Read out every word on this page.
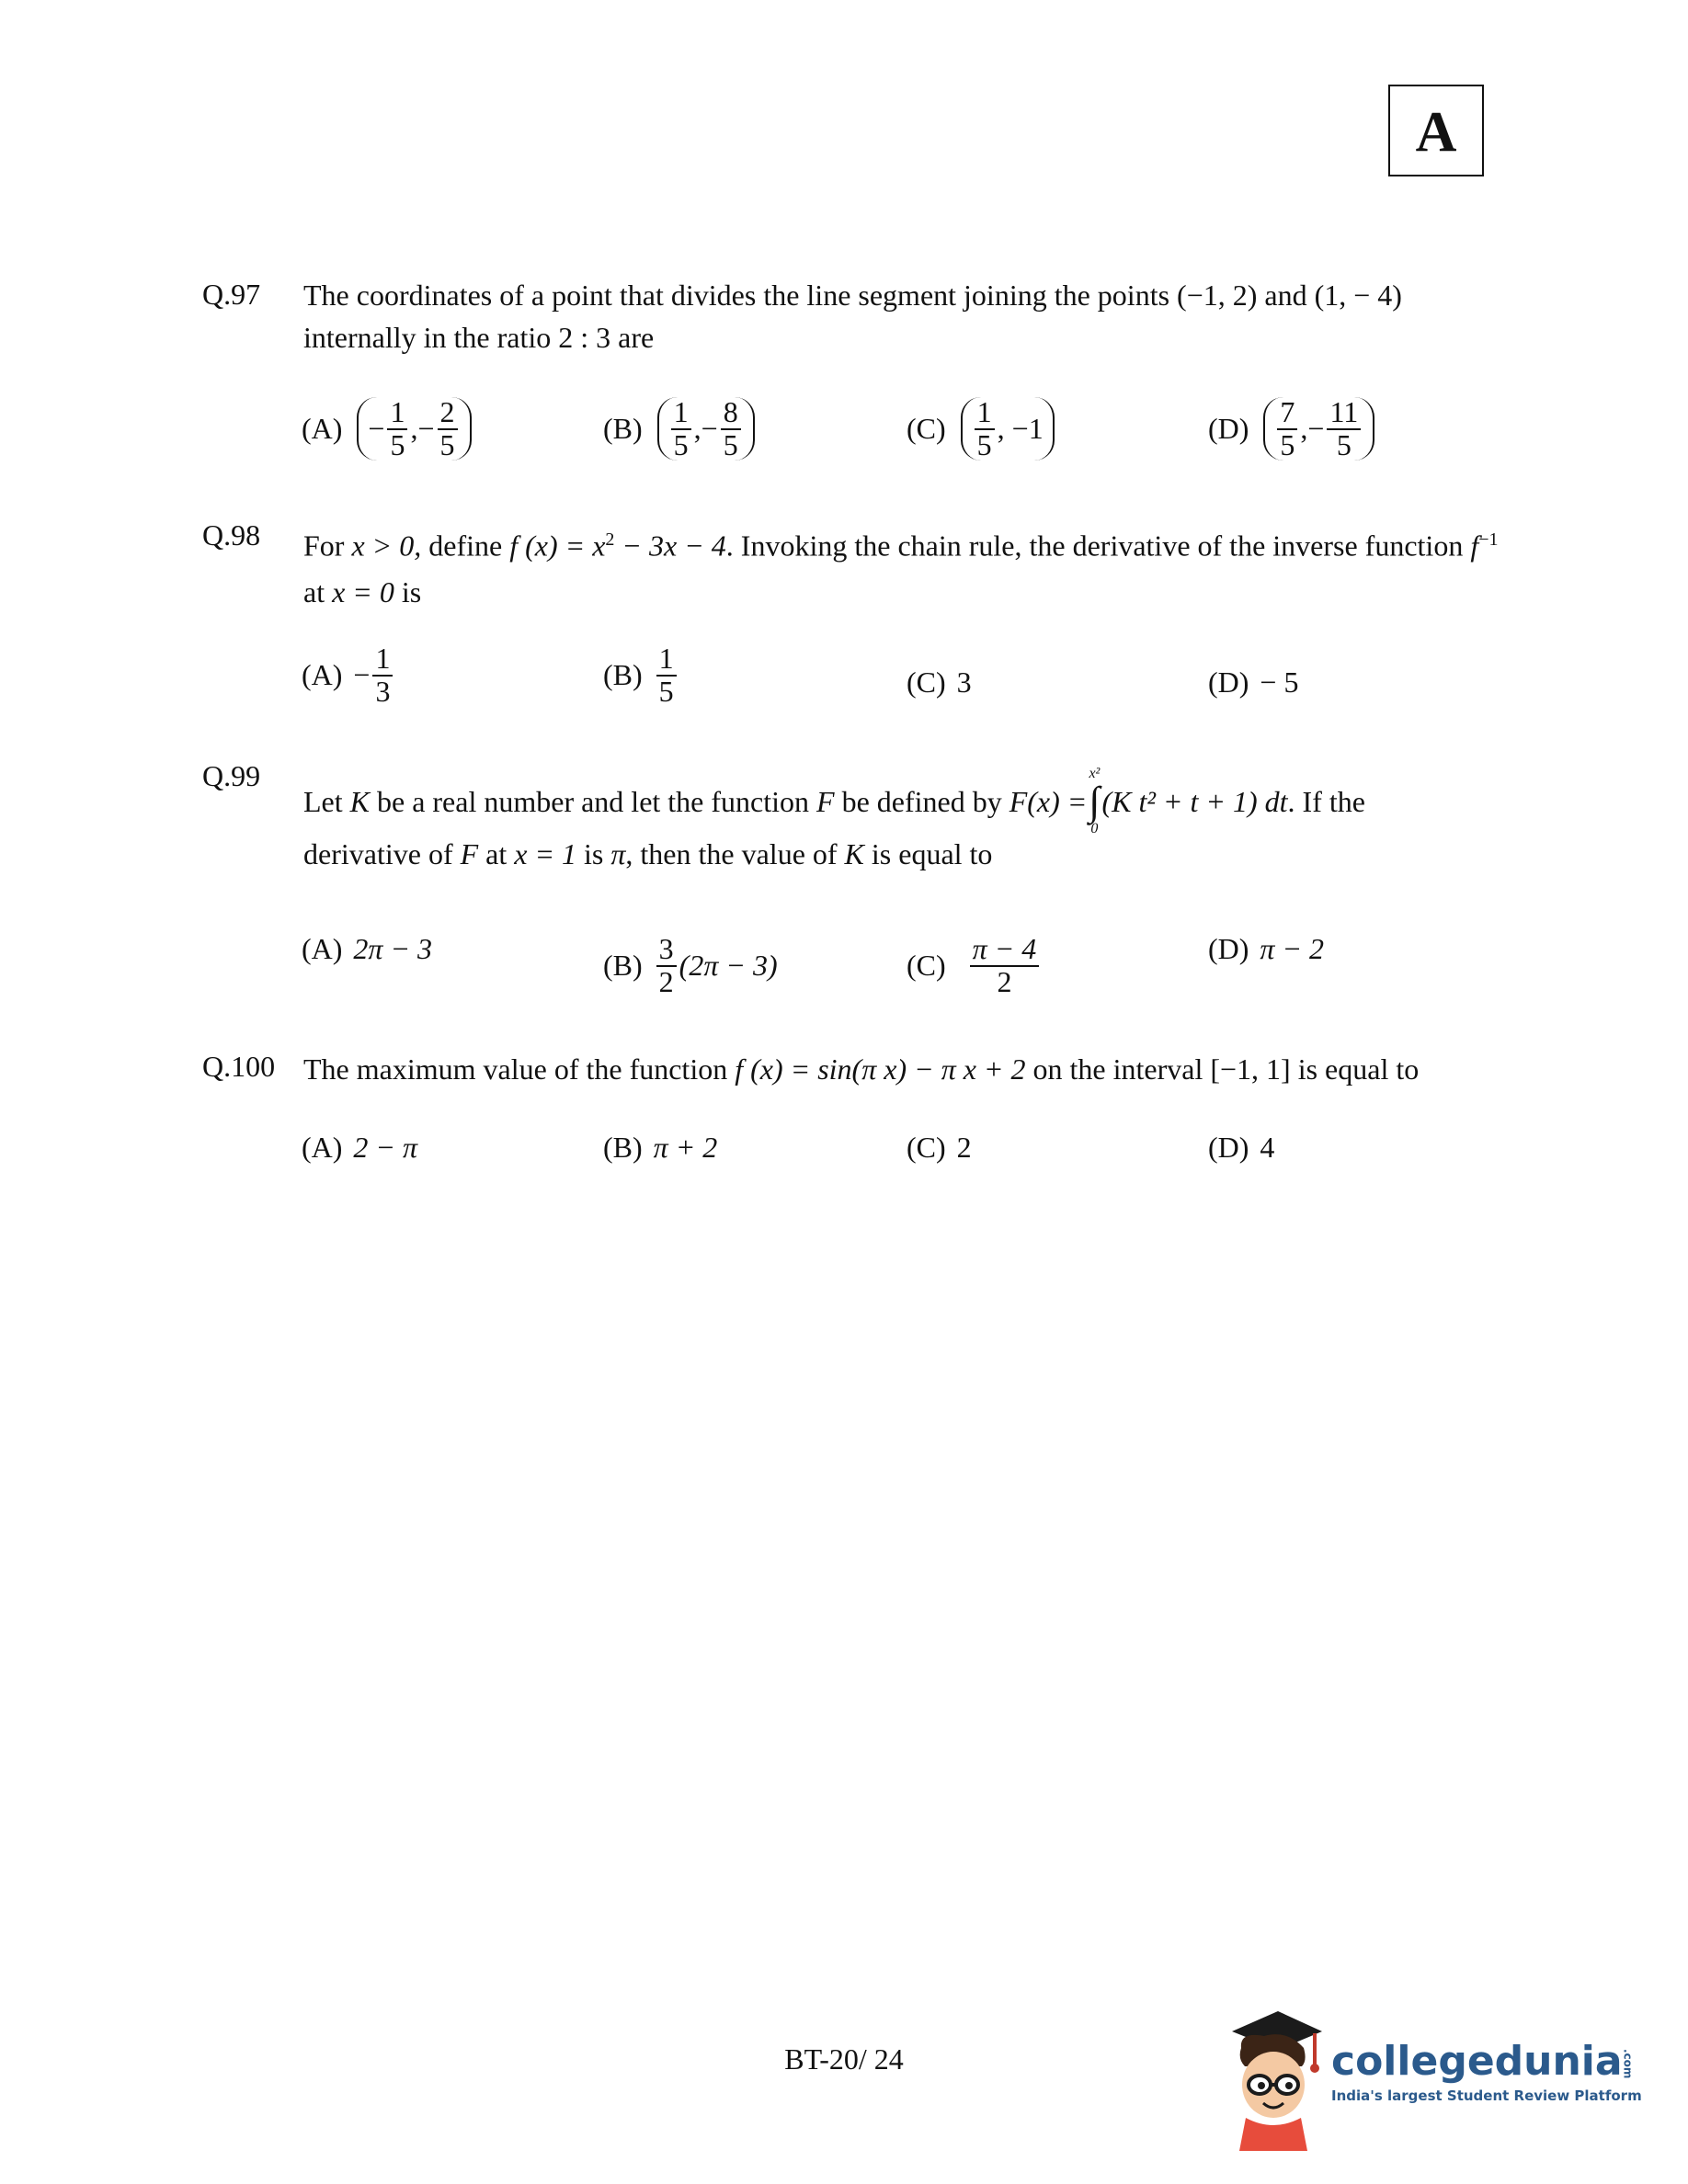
A
Q.97 The coordinates of a point that divides the line segment joining the points (−1, 2) and (1, − 4) internally in the ratio 2 : 3 are
$(A) - \frac{1}{5}$ , − $\frac{2}{5}$	$(B) \frac{1}{5}$ , − $\frac{8}{5}$	$(C) \frac{1}{5}$ , −1	$(D) \frac{7}{5}$ , − $\frac{11}{5}$
Q.98 For x > 0, define f $(x) = x^2 - 3x - 4$. Invoking the chain rule, the derivative of the inverse function $f^{-1}$ at x = 0 is
$(A) - \frac{1}{3}$	$(B) \frac{1}{5}$	(C) 3	(D) − 5
Q.99
Let
K
be a real number and let the function
F
be defined by
F(x) =
x²
∫
0
(K t² + t + 1) dt . If the
derivative of F at x = 1 is π, then the value of K is equal to
(A) 2π − 3
$(B) \frac{3}{2} (2\pi - 3)$	$(C) \frac{\pi - 4}{2}$	(D) π − 2
Q.100 The maximum value of the function f (x) = sin(π x) − π x + 2 on the interval [−1, 1] is equal to
(A) 2 − π	(B) π + 2	(C) 2	(D) 4
BT-20/ 24	collegedunia.com
India's largest Student Review Platform
